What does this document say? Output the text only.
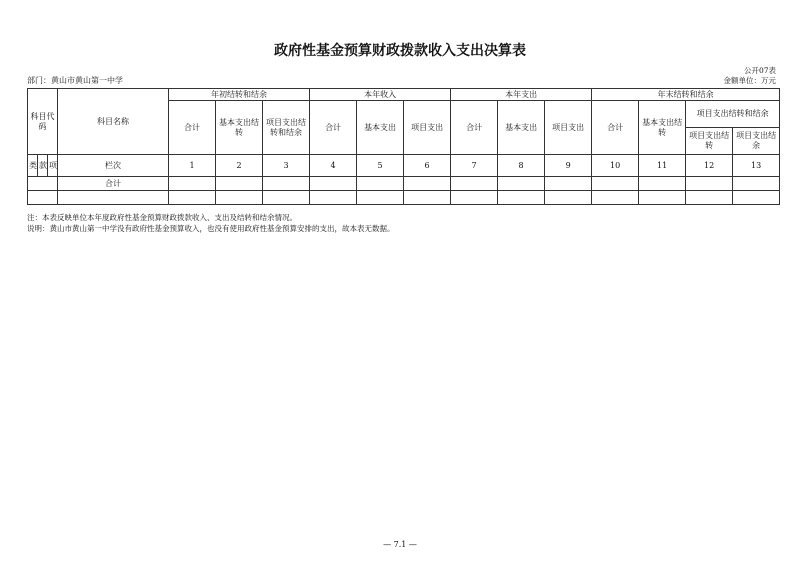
政府性基金预算财政拨款收入支出决算表
部门：黄山市黄山第一中学
公开07表
金额单位：万元
科目代码			科目名称	年初结转和结余			本年收入			本年支出			年末结转和结余			
				合计	基本支出结转	项目支出结转和结余	合计	基本支出	项目支出	合计	基本支出	项目支出	合计	基本支出结转	项目支出结转和结余	
															项目支出结转	项目支出结余
类	款	项	栏次	1	2	3	4	5	6	7	8	9	10	11	12	13
			合计													

注：本表反映单位本年度政府性基金预算财政拨款收入、支出及结转和结余情况。
说明：黄山市黄山第一中学没有政府性基金预算收入，也没有使用政府性基金预算安排的支出，故本表无数据。
— 7.1 —
